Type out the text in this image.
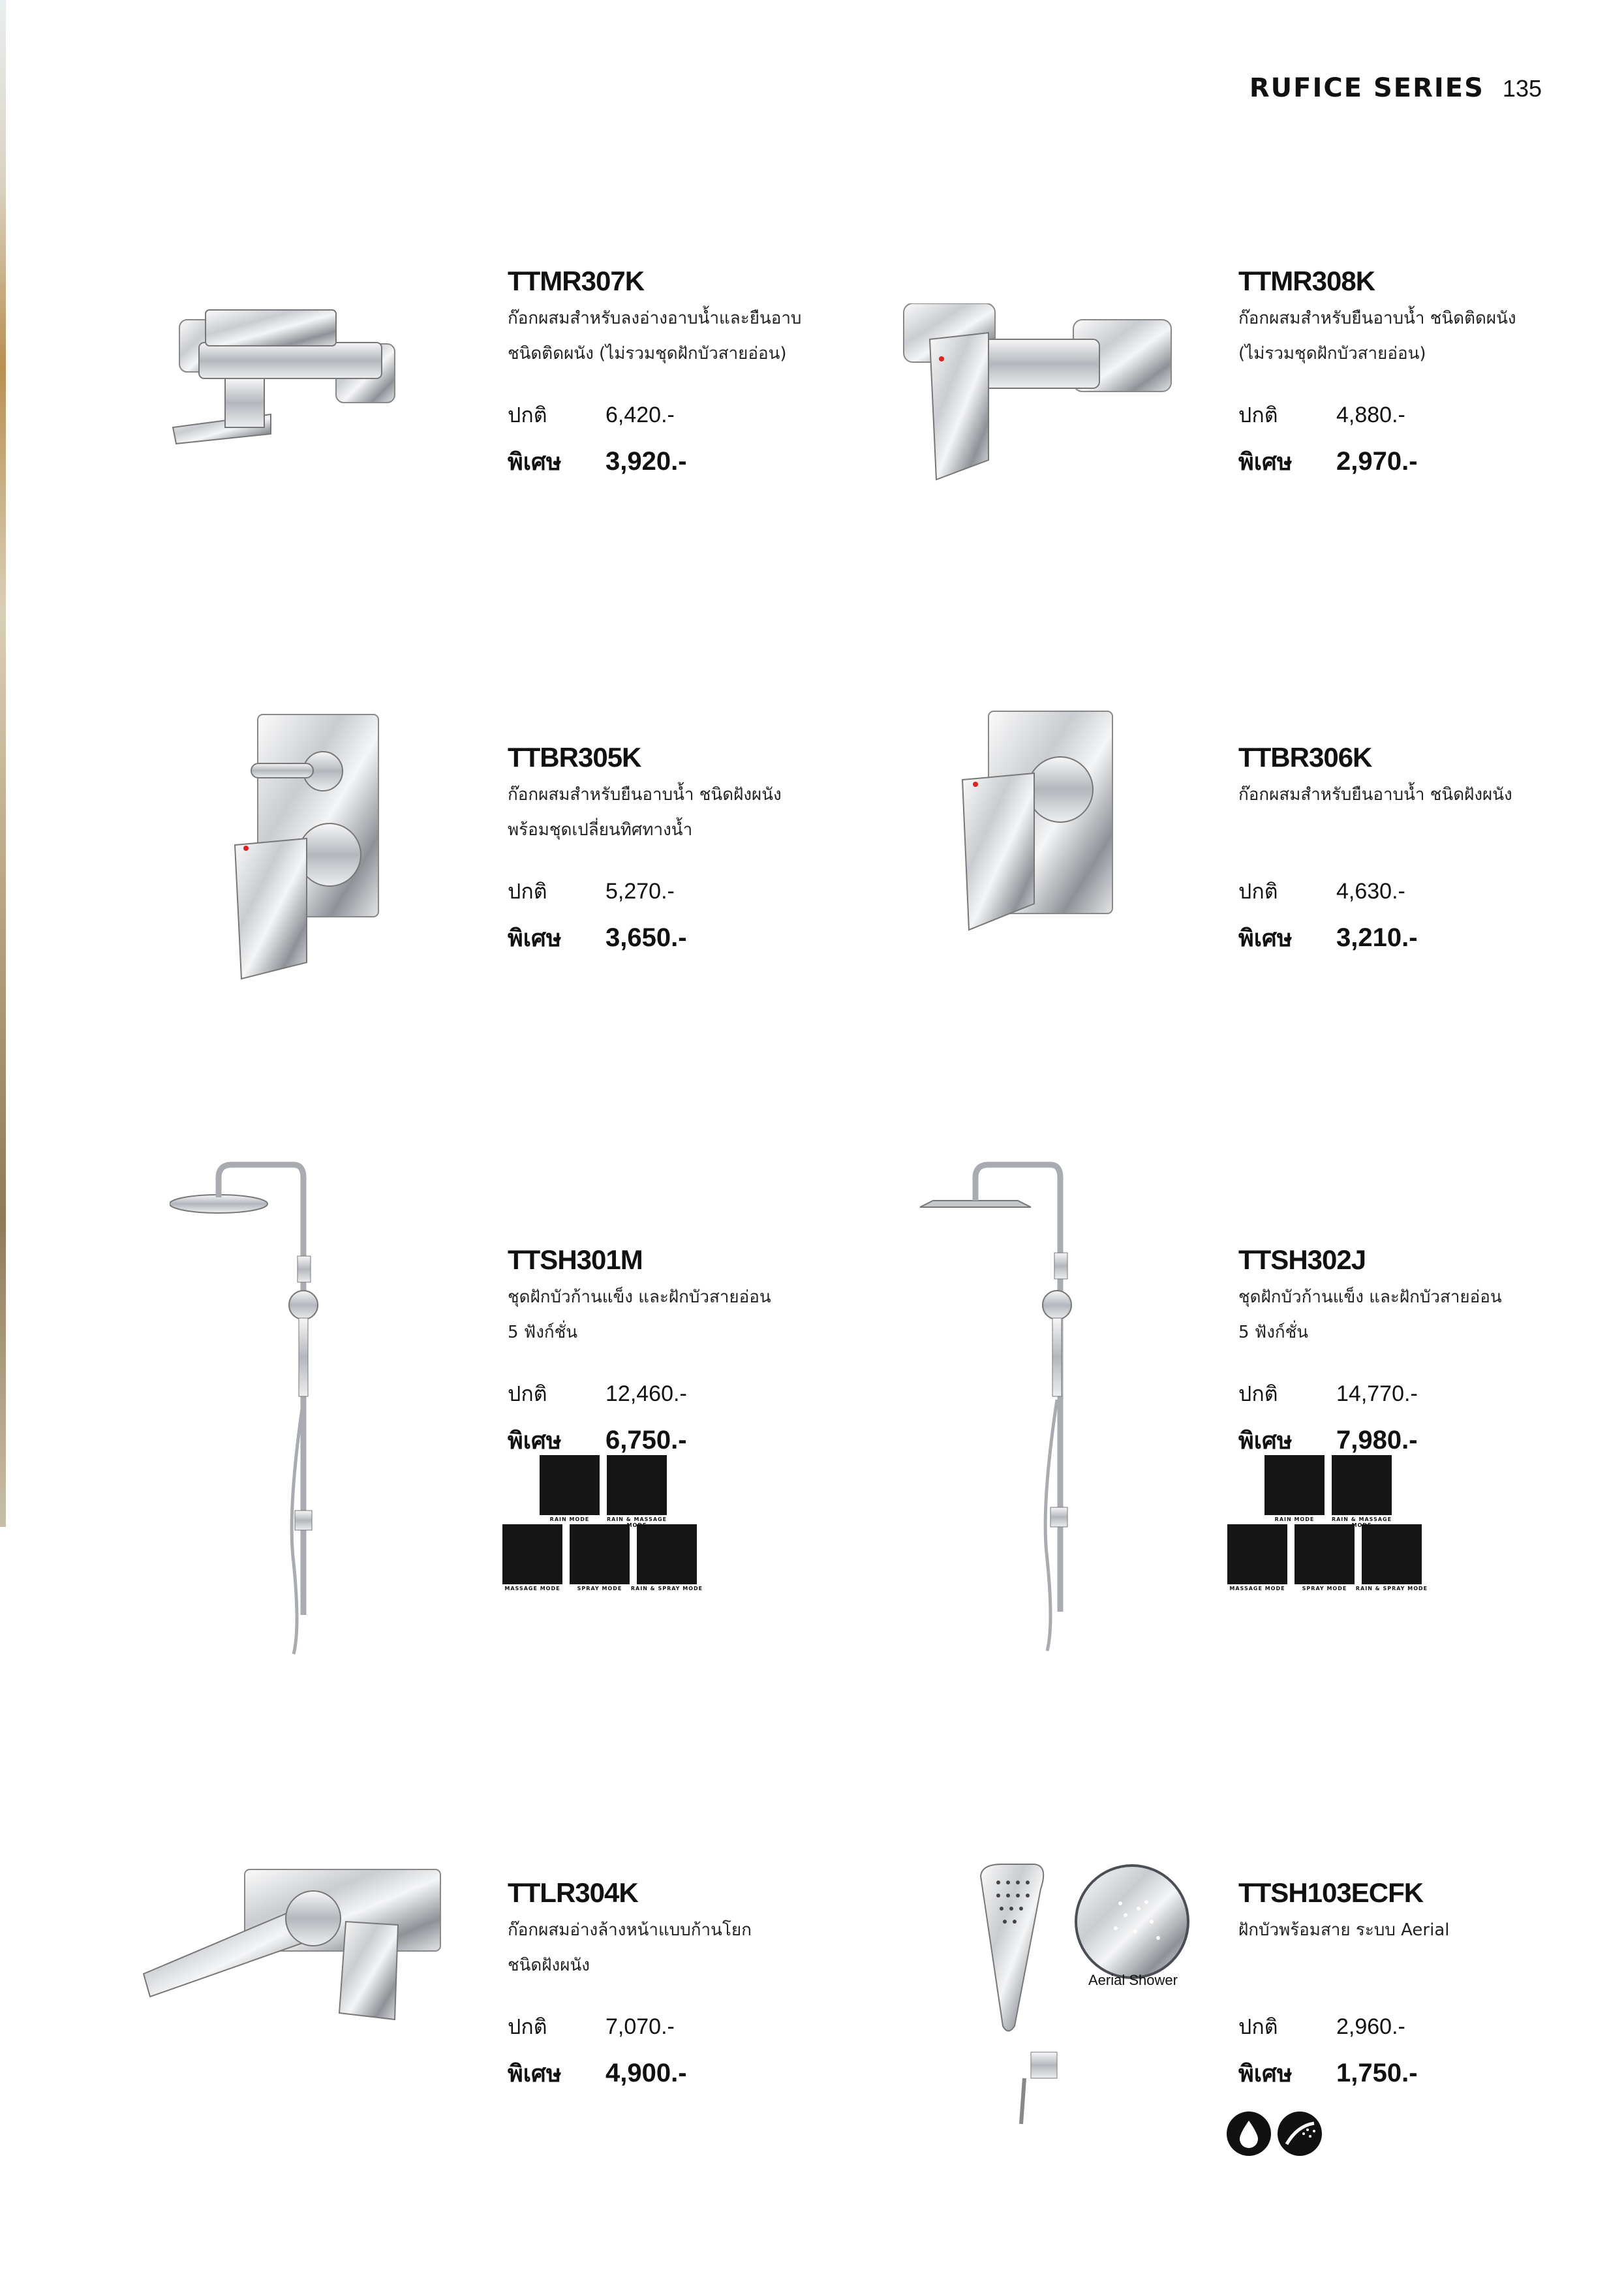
RUFICE SERIES 135
TTMR307K
ก๊อกผสมสำหรับลงอ่างอาบน้ำและยืนอาบ
ชนิดติดผนัง (ไม่รวมชุดฝักบัวสายอ่อน)
ปกติ	6,420.-
พิเศษ	3,920.-
TTMR308K
ก๊อกผสมสำหรับยืนอาบน้ำ ชนิดติดผนัง
(ไม่รวมชุดฝักบัวสายอ่อน)
ปกติ	4,880.-
พิเศษ	2,970.-
TTBR305K
ก๊อกผสมสำหรับยืนอาบน้ำ ชนิดฝังผนัง
พร้อมชุดเปลี่ยนทิศทางน้ำ
ปกติ	5,270.-
พิเศษ	3,650.-
TTBR306K
ก๊อกผสมสำหรับยืนอาบน้ำ ชนิดฝังผนัง
ปกติ	4,630.-
พิเศษ	3,210.-
TTSH301M
ชุดฝักบัวก้านแข็ง และฝักบัวสายอ่อน
5 ฟังก์ชั่น
ปกติ	12,460.-
พิเศษ	6,750.-
TTSH302J
ชุดฝักบัวก้านแข็ง และฝักบัวสายอ่อน
5 ฟังก์ชั่น
ปกติ	14,770.-
พิเศษ	7,980.-
TTLR304K
ก๊อกผสมอ่างล้างหน้าแบบก้านโยก
ชนิดฝังผนัง
ปกติ	7,070.-
พิเศษ	4,900.-
TTSH103ECFK
ฝักบัวพร้อมสาย ระบบ Aerial
ปกติ	2,960.-
พิเศษ	1,750.-
Aerial Shower
RAIN MODE	RAIN & MASSAGE MODE
MASSAGE MODE	SPRAY MODE	RAIN & SPRAY MODE
RAIN MODE	RAIN & MASSAGE MODE
MASSAGE MODE	SPRAY MODE	RAIN & SPRAY MODE
